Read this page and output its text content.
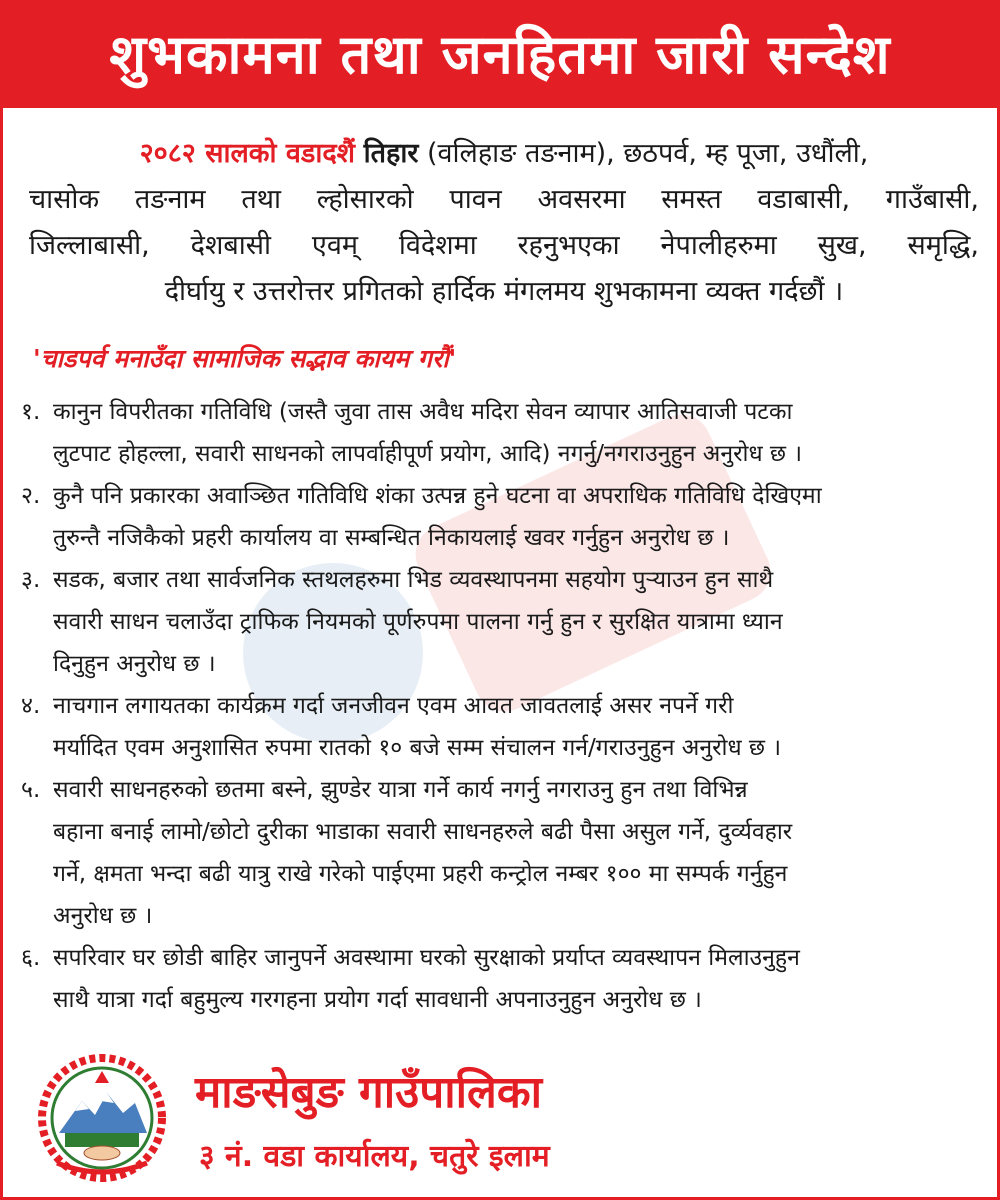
शुभकामना तथा जनहितमा जारी सन्देश
२०८२ सालको वडादशैं तिहार (वलिहाङ तङनाम), छठपर्व, म्ह पूजा, उधौंली,
चासोक तङनाम तथा ल्होसारको पावन अवसरमा समस्त वडाबासी, गाउँबासी,
जिल्लाबासी, देशबासी एवम् विदेशमा रहनुभएका नेपालीहरुमा सुख, समृद्धि,
दीर्घायु र उत्तरोत्तर प्रगितको हार्दिक मंगलमय शुभकामना व्यक्त गर्दछौं ।
'चाडपर्व मनाउँदा सामाजिक सद्भाव कायम गरौं'
१. कानुन विपरीतका गतिविधि (जस्तै जुवा तास अवैध मदिरा सेवन व्यापार आतिसवाजी पटका
लुटपाट होहल्ला, सवारी साधनको लापर्वाहीपूर्ण प्रयोग, आदि) नगर्नु/नगराउनुहुन अनुरोध छ ।
२. कुनै पनि प्रकारका अवाञ्छित गतिविधि शंका उत्पन्न हुने घटना वा अपराधिक गतिविधि देखिएमा
तुरुन्तै नजिकैको प्रहरी कार्यालय वा सम्बन्धित निकायलाई खवर गर्नुहुन अनुरोध छ ।
३. सडक, बजार तथा सार्वजनिक स्तथलहरुमा भिड व्यवस्थापनमा सहयोग पुर्‍याउन हुन साथै
सवारी साधन चलाउँदा ट्राफिक नियमको पूर्णरुपमा पालना गर्नु हुन र सुरक्षित यात्रामा ध्यान
दिनुहुन अनुरोध छ ।
४. नाचगान लगायतका कार्यक्रम गर्दा जनजीवन एवम आवत जावतलाई असर नपर्ने गरी
मर्यादित एवम अनुशासित रुपमा रातको १० बजे सम्म संचालन गर्न/गराउनुहुन अनुरोध छ ।
५. सवारी साधनहरुको छतमा बस्ने, झुण्डेर यात्रा गर्ने कार्य नगर्नु नगराउनु हुन तथा विभिन्न
बहाना बनाई लामो/छोटो दुरीका भाडाका सवारी साधनहरुले बढी पैसा असुल गर्ने, दुर्व्यवहार
गर्ने, क्षमता भन्दा बढी यात्रु राखे गरेको पाईएमा प्रहरी कन्ट्रोल नम्बर १०० मा सम्पर्क गर्नुहुन
अनुरोध छ ।
६. सपरिवार घर छोडी बाहिर जानुपर्ने अवस्थामा घरको सुरक्षाको प्रर्याप्त व्यवस्थापन मिलाउनुहुन
साथै यात्रा गर्दा बहुमुल्य गरगहना प्रयोग गर्दा सावधानी अपनाउनुहुन अनुरोध छ ।
माङसेबुङ गाउँपालिका
३ नं. वडा कार्यालय, चतुरे इलाम
